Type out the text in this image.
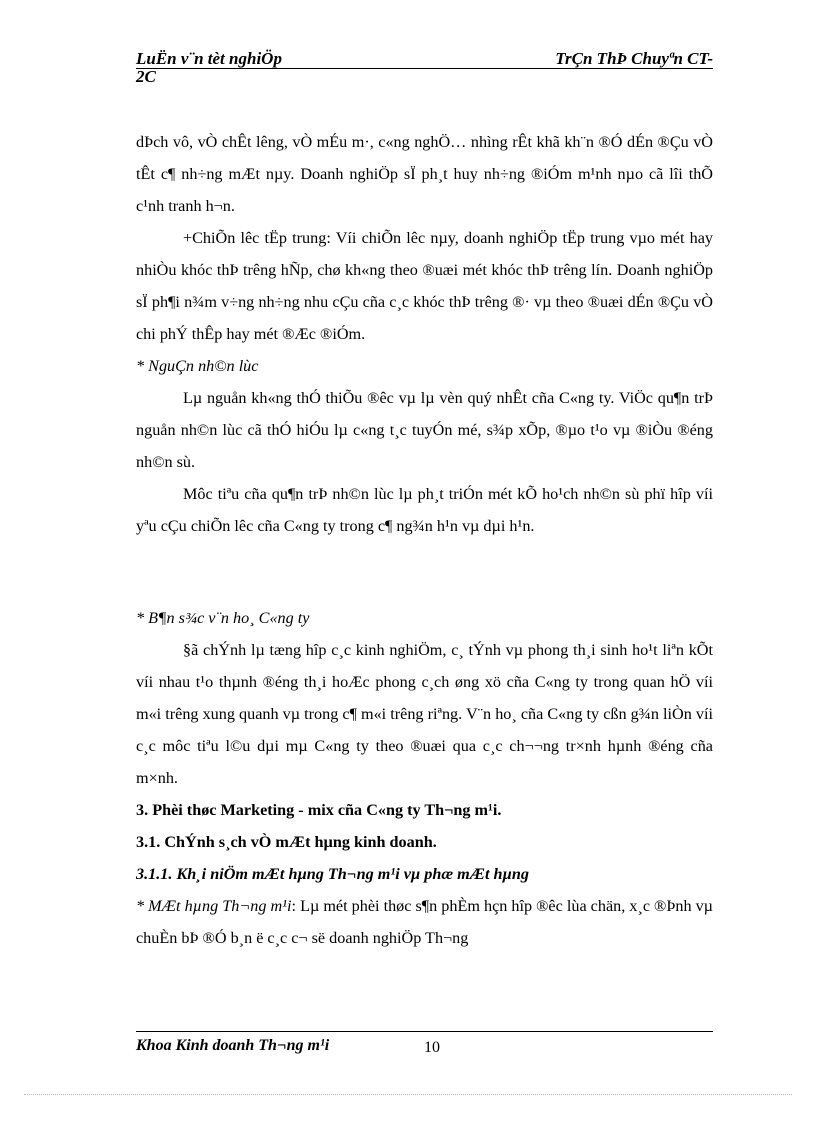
LuËn v¨n tèt nghiÖp	TrÇn ThÞ Chuyªn CT-
2C

dÞch vô, vÒ chÊt lêng, vÒ mÉu m·, c«ng nghÖ… nhìng rÊt khã kh¨n ®Ó dÉn ®Çu vÒ tÊt c¶ nh÷ng mÆt nµy. Doanh nghiÖp sÏ ph¸t huy nh÷ng ®iÓm m¹nh nµo cã lîi thÕ c¹nh tranh h¬n.

+ChiÕn lêc tËp trung: Víi chiÕn lêc nµy, doanh nghiÖp tËp trung vµo mét hay nhiÒu khóc thÞ trêng hÑp, chø kh«ng theo ®uæi mét khóc thÞ trêng lín. Doanh nghiÖp sÏ ph¶i n¾m v÷ng nh÷ng nhu cÇu cña c¸c khóc thÞ trêng ®· vµ theo ®uæi dÉn ®Çu vÒ chi phÝ thÊp hay mét ®Æc ®iÓm.

* NguÇn nh©n lùc

Lµ nguån kh«ng thÓ thiÕu ®êc vµ lµ vèn quý nhÊt cña C«ng ty. ViÖc qu¶n trÞ nguån nh©n lùc cã thÓ hiÓu lµ c«ng t¸c tuyÓn mé, s¾p xÕp, ®µo t¹o vµ ®iÒu ®éng nh©n sù.

Môc tiªu cña qu¶n trÞ nh©n lùc lµ ph¸t triÓn mét kÕ ho¹ch nh©n sù phï hîp víi yªu cÇu chiÕn lêc cña C«ng ty trong c¶ ng¾n h¹n vµ dµi h¹n.

* B¶n s¾c v¨n ho¸ C«ng ty

§ã chÝnh lµ tæng hîp c¸c kinh nghiÖm, c¸ tÝnh vµ phong th¸i sinh ho¹t liªn kÕt víi nhau t¹o thµnh ®éng th¸i hoÆc phong c¸ch øng xö cña C«ng ty trong quan hÖ víi m«i trêng xung quanh vµ trong c¶ m«i trêng riªng. V¨n ho¸ cña C«ng ty cßn g¾n liÒn víi c¸c môc tiªu l©u dµi mµ C«ng ty theo ®uæi qua c¸c ch¬¬ng tr×nh hµnh ®éng cña m×nh.

3. Phèi thøc Marketing - mix cña C«ng ty Th¬ng m¹i.

3.1. ChÝnh s¸ch vÒ mÆt hµng kinh doanh.

3.1.1. Kh¸i niÖm mÆt hµng Th¬ng m¹i vµ phæ mÆt hµng

* MÆt hµng Th¬ng m¹i: Lµ mét phèi thøc s¶n phÈm hçn hîp ®êc lùa chän, x¸c ®Þnh vµ chuÈn bÞ ®Ó b¸n ë c¸c c¬ së doanh nghiÖp Th¬ng

Khoa Kinh doanh Th¬ng m¹i	10
